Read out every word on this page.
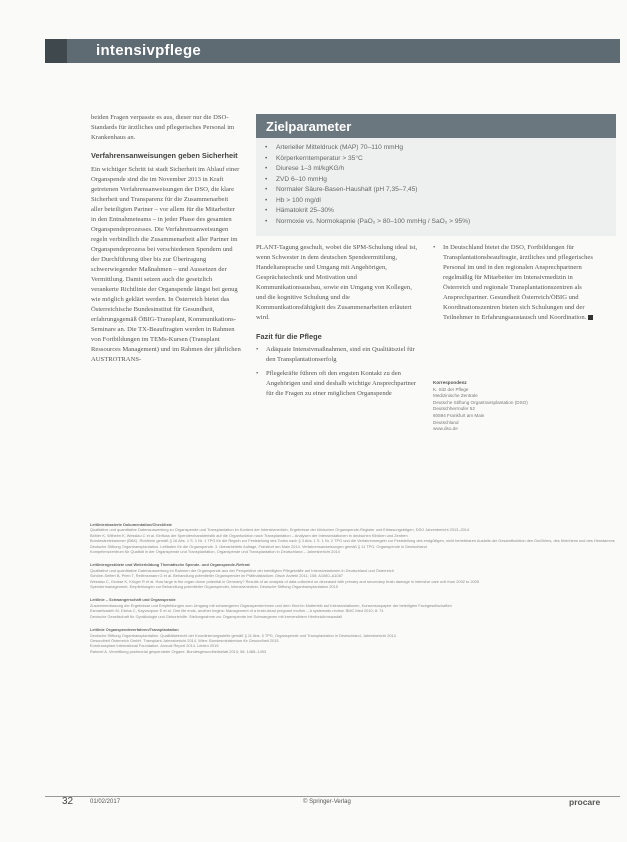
intensivpflege

beiden Fragen verpasste es aus, dieser nur die DSO-Standards für ärztliches und pflegerisches Personal im Krankenhaus an.

Verfahrensanweisungen geben Sicherheit

Ein wichtiger Schritt ist stadt Sicherheit im Ablauf einer Organspende sind die im November 2013 in Kraft getretenen Verfahrensanweisungen der DSO, die klare Sicherheit und Transparenz für die Zusammenarbeit aller beteiligten Partner – vor allem für die Mitarbeiter in den Entnahmeteams – in jeder Phase des gesamten Organspendeprozesses. Die Verfahrensanweisungen regeln verbindlich die Zusammenarbeit aller Partner im Organspendeprozess bei verschiedenen Spendern und der Durchführung über bis zur Übertragung schwerwiegender Maßnahmen – und Aussetzen der Vermittlung. Damit setzen auch die gesetzlich verankerte Richtlinie der Organspende längst bei genug wie möglich geklärt werden. In Österreich bietet das Österreichische Bundesinstitut für Gesundheit, erfahrungsgemäß ÖBIG-Transplant, Kommunikations-Seminare an. Die TX-Beauftragten werden in Rahmen von Fortbildungen im TEMs-Kursen (Transplant Ressources Management) und im Rahmen der jährlichen AUSTROTRANS-

Zielparameter
• Arterieller Mitteldruck (MAP) 70–110 mmHg
• Körperkerntemperatur > 35°C
• Diurese 1–3 ml/kgKG/h
• ZVD 6–10 mmHg
• Normaler Säure-Basen-Haushalt (pH 7,35–7,45)
• Hb > 100 mg/dl
• Hämatokrit 25–30%
• Normoxie vs. Normokapnie (PaO₂ > 80–100 mmHg / SaO₂ > 95%)

PLANT-Tagung geschult, wobei die SPM-Schulung ideal ist, wenn Schwester in dem deutschen Spendeermittlung, Handeltansprache und Umgang mit Angehörigen, Gesprächstechnik und Motivation und Kommunikationsausbau, sowie ein Umgang von Kollegen, und die kognitive Schulung und die Kommunikationsfähigkeit des Zusammenarbeiten erläutert wird.

Fazit für die Pflege
• Adäquate Intensivmaßnahmen, sind ein Qualitätsziel für den Transplantationserfolg
• Pflegekräfte führen oft den engsten Kontakt zu den Angehörigen und sind deshalb wichtige Ansprechpartner für die Fragen zu einer möglichen Organspende
• In Deutschland bietet die DSO, Fortbildungen für Transplantationsbeauftragte, ärztliches und pflegerisches Personal im und in den regionalen Ansprechpartnern regelmäßig für Mitarbeiter im Intensivmedizin in Österreich und regionale Transplantationszentren als Ansprechpartner. Gesundheit Österreich/ÖBIG und Koordinationszentren bieten sich Schulungen und der Teilnehmer in Erfahrungsaustausch und Koordination.
Korrespondenz
K. Sitz der Pflege
Medizinische Zentrale
Deutsche Stiftung Organtransplantation (DSO)
Deutschherrnufer 52
60594 Frankfurt am Main
Deutschland
www.dso.de
Leitlinienbasierte Dokumentation/Checkliste
Qualitative und quantitative Datenauswertung zu Organspende und Transplantation im Kontext der Intensivmedizin, Ergebnisse der klinischen Organspende-Register und Erfassungsbögen, DSO Jahresbericht 2013–2014
Böhler K, Wilhelm K, Wesslau C et al. Einfluss der Spendercharakteristik auf die Organfunktion nach Transplantation – Analysen der Intensivstationen in deutschen Kliniken und Zentren
Bundesärztekammer (BÄK). Richtlinie gemäß § 16 Abs. 1 S. 1 Nr. 1 TPG für die Regeln zur Feststellung des Todes nach § 3 Abs. 1 S. 1 Nr. 2 TPG und die Verfahrensregeln zur Feststellung des endgültigen, nicht behebbaren Ausfalls der Gesamtfunktion des Großhirns, des Kleinhirns und des Hirnstamms
Deutsche Stiftung Organtransplantation. Leitfaden für die Organspende. 3. überarbeitete Auflage, Frankfurt am Main 2014. Verfahrensanweisungen gemäß § 11 TPG, Organspende in Deutschland
Kompetenzzentrum für Qualität in der Organspende und Transplantation, Organspende und Transplantation in Deutschland – Jahresbericht 2014
Leitliniengestützte und Weiterbildung Thematische Spende- und Organspende-Referat
Qualitative und quantitative Datenauswertung im Rahmen der Organspende aus der Perspektive der beteiligten Pflegekräfte auf Intensivstationen in Deutschland und Österreich
Schöne-Seifert B, Prien T, Rellensmann G et al. Behandlung potentieller Organspender im Präfinalstadium. Dtsch Arztebl 2011; 108: A1080–A1087
Wesslau C, Grosse K, Krüger R et al. How large is the organ donor potential in Germany? Results of an analysis of data collected on deceased with primary and secondary brain damage in intensive care unit from 2002 to 2005
Spendermanagement, Empfehlungen zur Behandlung potentieller Organspender, Intensivmedizin, Deutsche Stiftung Organtransplantation 2015
Leitlinie – Schwangerschaft und Organspende
Zusammenfassung der Ergebnisse und Empfehlungen zum Umgang mit schwangeren Organspenderinnen und dem Kind im Mutterleib auf Intensivstationen, Konsensuspapier der beteiligten Fachgesellschaften
Esmaeilzadeh M, Dictus C, Kayvanpour E et al. One life ends, another begins: Management of a brain-dead pregnant mother – A systematic review. BMC Med 2010; 8: 74
Deutsche Gesellschaft für Gynäkologie und Geburtshilfe. Stellungnahme zur Organspende bei Schwangeren mit irreversiblem Hirnfunktionsausfall
Leitlinie Organspendeverfahren/Transplantation
Deutsche Stiftung Organtransplantation. Qualitätsbericht der Koordinierungsstelle gemäß § 11 Abs. 5 TPG, Organspende und Transplantation in Deutschland, Jahresbericht 2014
Gesundheit Österreich GmbH. Transplant-Jahresbericht 2014. Wien: Bundesministerium für Gesundheit 2015
Eurotransplant International Foundation. Annual Report 2014. Leiden 2015
Rahmel A. Vermittlung postmortal gespendeter Organe. Bundesgesundheitsblatt 2013; 56: 1488–1493
32	01/02/2017	© Springer-Verlag	procare
